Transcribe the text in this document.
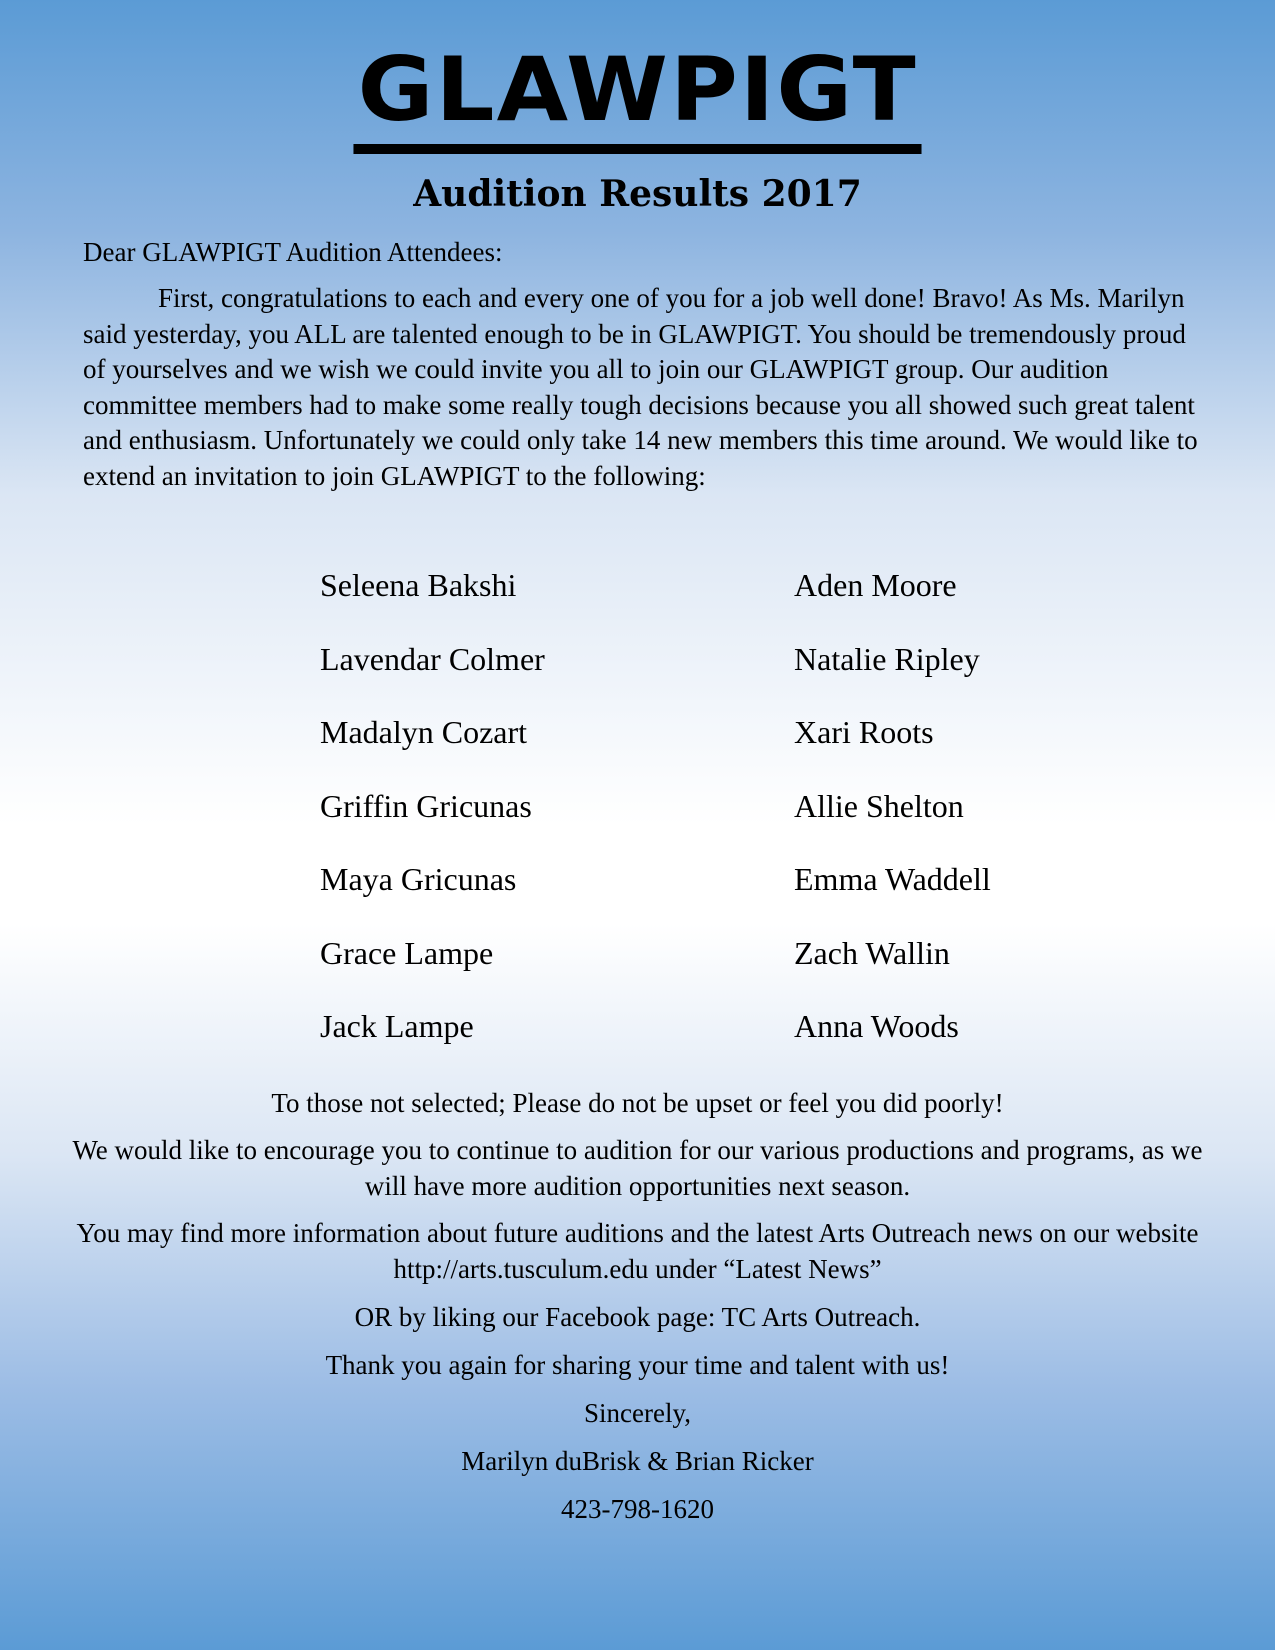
GLAWPIGT
Audition Results 2017
Dear GLAWPIGT Audition Attendees:

First, congratulations to each and every one of you for a job well done! Bravo! As Ms. Marilyn said yesterday, you ALL are talented enough to be in GLAWPIGT. You should be tremendously proud of yourselves and we wish we could invite you all to join our GLAWPIGT group. Our audition committee members had to make some really tough decisions because you all showed such great talent and enthusiasm. Unfortunately we could only take 14 new members this time around. We would like to extend an invitation to join GLAWPIGT to the following:

Seleena Bakshi
Lavendar Colmer
Madalyn Cozart
Griffin Gricunas
Maya Gricunas
Grace Lampe
Jack Lampe
Aden Moore
Natalie Ripley
Xari Roots
Allie Shelton
Emma Waddell
Zach Wallin
Anna Woods

To those not selected; Please do not be upset or feel you did poorly!

We would like to encourage you to continue to audition for our various productions and programs, as we will have more audition opportunities next season.

You may find more information about future auditions and the latest Arts Outreach news on our website http://arts.tusculum.edu under “Latest News”

OR by liking our Facebook page: TC Arts Outreach.

Thank you again for sharing your time and talent with us!

Sincerely,

Marilyn duBrisk & Brian Ricker

423-798-1620
